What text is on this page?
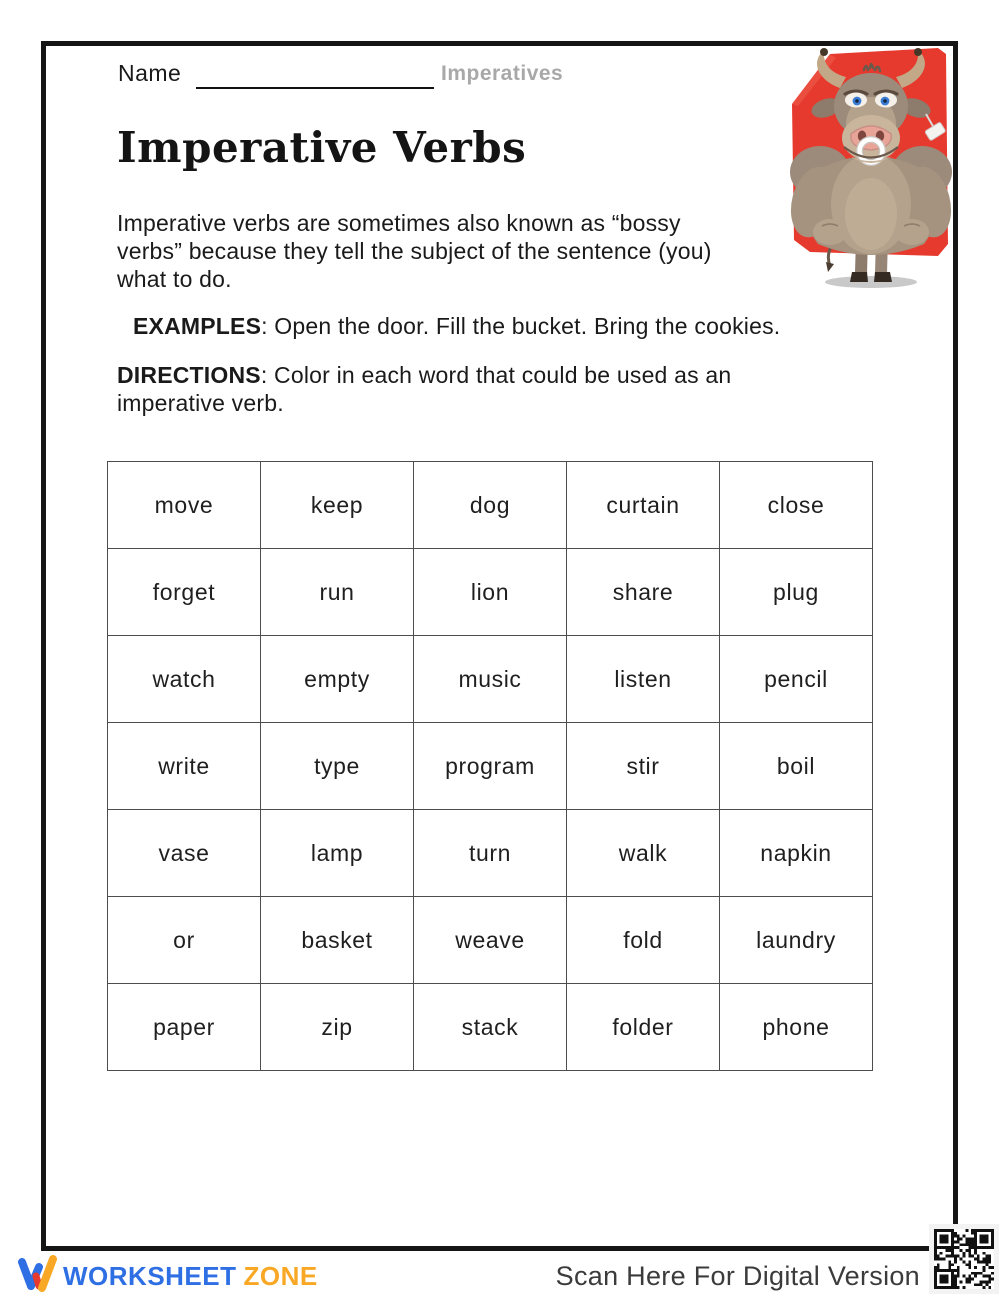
Name	Imperatives
Imperative Verbs
Imperative verbs are sometimes also known as “bossy
verbs” because they tell the subject of the sentence (you)
what to do.
EXAMPLES: Open the door. Fill the bucket. Bring the cookies.
DIRECTIONS: Color in each word that could be used as an
imperative verb.
move	keep	dog	curtain	close
forget	run	lion	share	plug
watch	empty	music	listen	pencil
write	type	program	stir	boil
vase	lamp	turn	walk	napkin
or	basket	weave	fold	laundry
paper	zip	stack	folder	phone
WORKSHEET ZONE	Scan Here For Digital Version
